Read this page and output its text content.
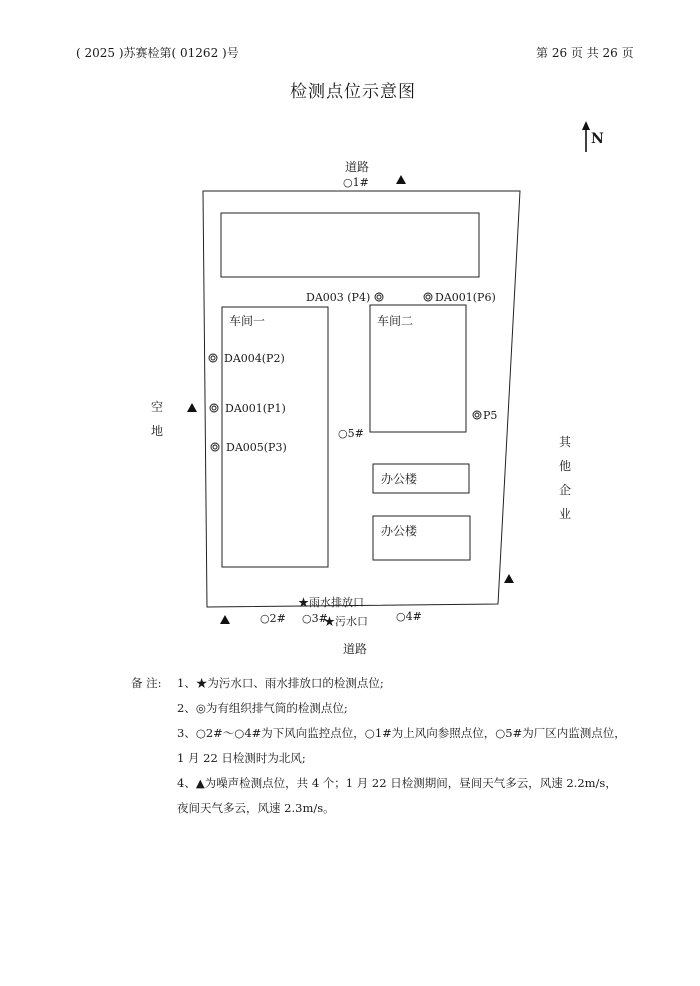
( 2025 )苏赛检第( 01262 )号	第 26 页 共 26 页
检测点位示意图
道路
○1#
DA003 (P4)	DA001(P6)
车间一	车间二
DA004(P2)
DA001(P1)
DA005(P3)
○5#
P5
空地
其他企业
办公楼
办公楼
★雨水排放口
○2# ○3#
★污水口	○4#
道路
N
备 注: 1、★为污水口、雨水排放口的检测点位;
2、◎为有组织排气筒的检测点位;
3、○2#～○4#为下风向监控点位，○1#为上风向参照点位，○5#为厂区内监测点位，
1 月 22 日检测时为北风;
4、▲为噪声检测点位，共 4 个；1 月 22 日检测期间，昼间天气多云，风速 2.2m/s，
夜间天气多云，风速 2.3m/s。
